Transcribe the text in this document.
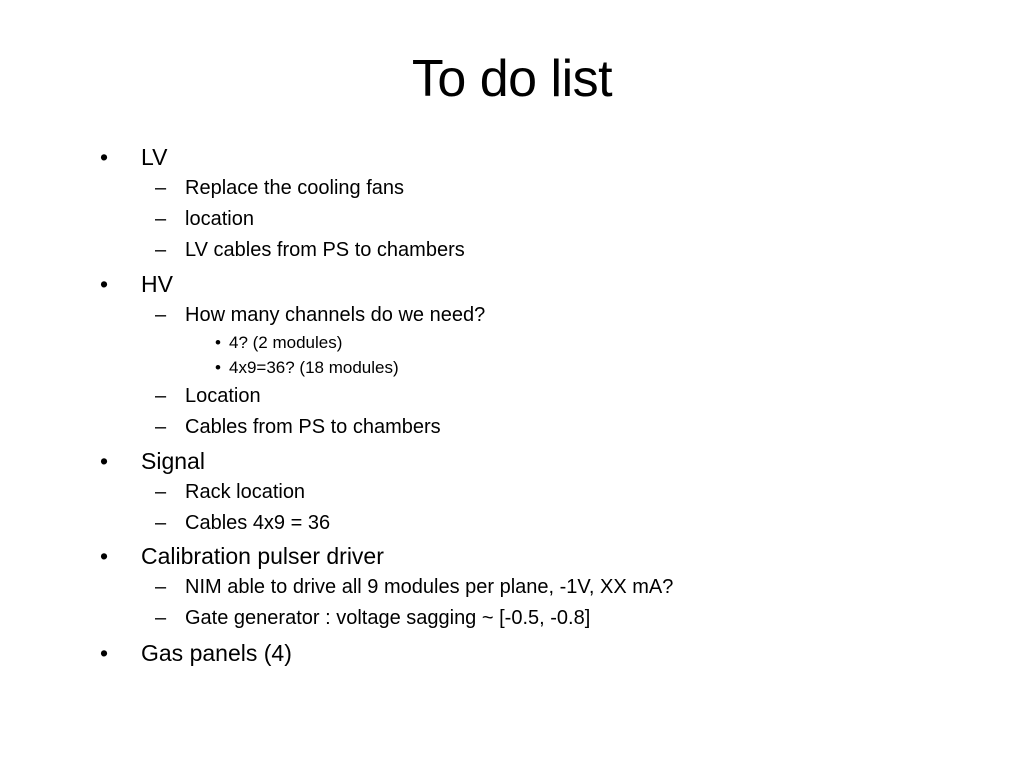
To do list
• LV
– Replace the cooling fans
– location
– LV cables from PS to chambers
• HV
– How many channels do we need?
• 4? (2 modules)
• 4x9=36? (18 modules)
– Location
– Cables from PS to chambers
• Signal
– Rack location
– Cables 4x9 = 36
• Calibration pulser driver
– NIM able to drive all 9 modules per plane, -1V, XX mA?
– Gate generator : voltage sagging ~ [-0.5, -0.8]
• Gas panels (4)
